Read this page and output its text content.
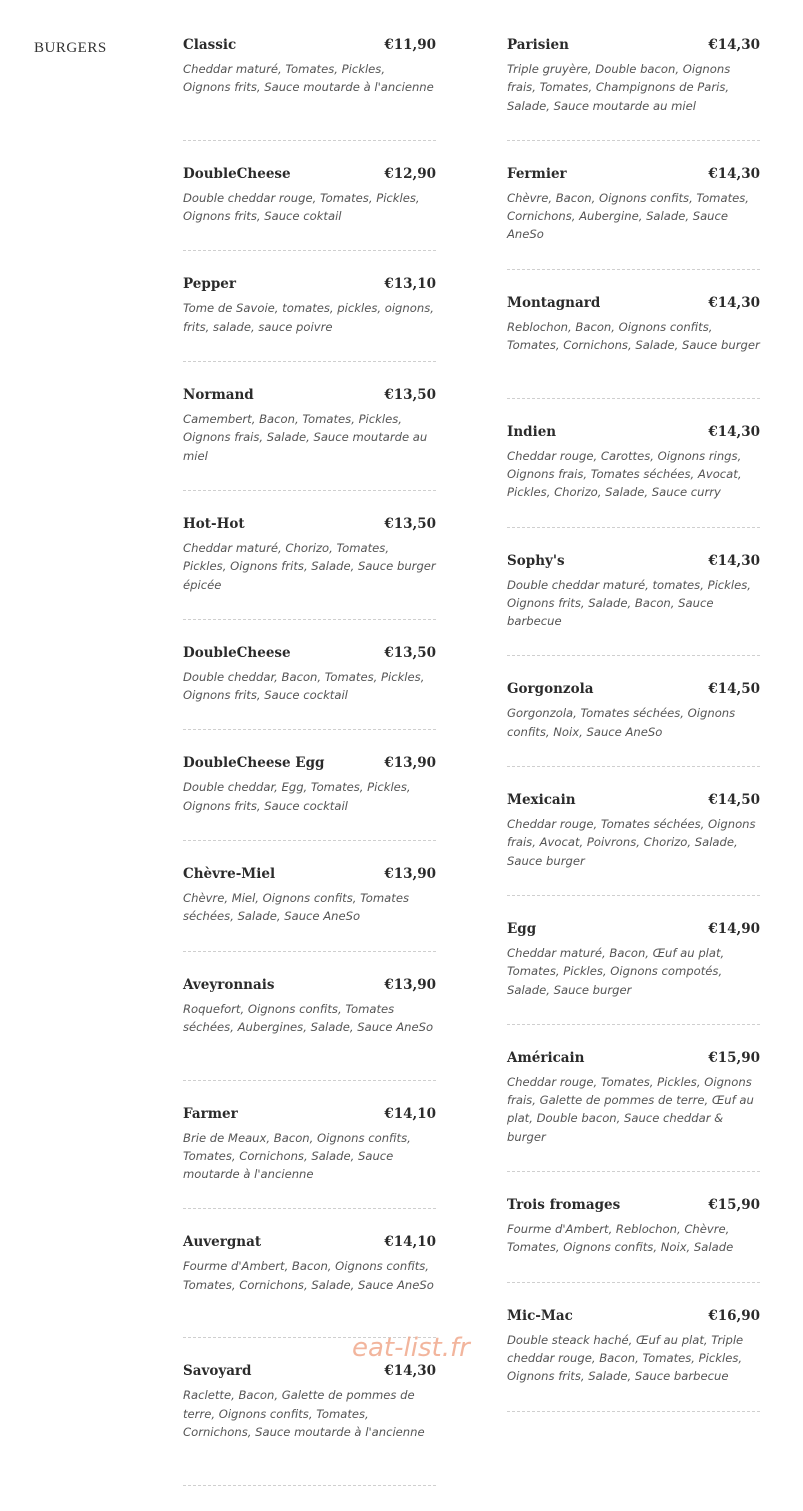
BURGERS	Classic	€11,90
Cheddar maturé, Tomates, Pickles, Oignons frits, Sauce moutarde à l'ancienne
DoubleCheese	€12,90
Double cheddar rouge, Tomates, Pickles, Oignons frits, Sauce coktail
Pepper	€13,10
Tome de Savoie, tomates, pickles, oignons, frits, salade, sauce poivre
Normand	€13,50
Camembert, Bacon, Tomates, Pickles, Oignons frais, Salade, Sauce moutarde au miel
Hot-Hot	€13,50
Cheddar maturé, Chorizo, Tomates, Pickles, Oignons frits, Salade, Sauce burger épicée
DoubleCheese	€13,50
Double cheddar, Bacon, Tomates, Pickles, Oignons frits, Sauce cocktail
DoubleCheese Egg	€13,90
Double cheddar, Egg, Tomates, Pickles, Oignons frits, Sauce cocktail
Chèvre-Miel	€13,90
Chèvre, Miel, Oignons confits, Tomates séchées, Salade, Sauce AneSo
Aveyronnais	€13,90
Roquefort, Oignons confits, Tomates séchées, Aubergines, Salade, Sauce AneSo
Farmer	€14,10
Brie de Meaux, Bacon, Oignons confits, Tomates, Cornichons, Salade, Sauce moutarde à l'ancienne
Auvergnat	€14,10
Fourme d'Ambert, Bacon, Oignons confits, Tomates, Cornichons, Salade, Sauce AneSo
Savoyard	€14,30
Raclette, Bacon, Galette de pommes de terre, Oignons confits, Tomates, Cornichons, Sauce moutarde à l'ancienne
Parisien	€14,30
Triple gruyère, Double bacon, Oignons frais, Tomates, Champignons de Paris, Salade, Sauce moutarde au miel
Fermier	€14,30
Chèvre, Bacon, Oignons confits, Tomates, Cornichons, Aubergine, Salade, Sauce AneSo
Montagnard	€14,30
Reblochon, Bacon, Oignons confits, Tomates, Cornichons, Salade, Sauce burger
Indien	€14,30
Cheddar rouge, Carottes, Oignons rings, Oignons frais, Tomates séchées, Avocat, Pickles, Chorizo, Salade, Sauce curry
Sophy's	€14,30
Double cheddar maturé, tomates, Pickles, Oignons frits, Salade, Bacon, Sauce barbecue
Gorgonzola	€14,50
Gorgonzola, Tomates séchées, Oignons confits, Noix, Sauce AneSo
Mexicain	€14,50
Cheddar rouge, Tomates séchées, Oignons frais, Avocat, Poivrons, Chorizo, Salade, Sauce burger
Egg	€14,90
Cheddar maturé, Bacon, Œuf au plat, Tomates, Pickles, Oignons compotés, Salade, Sauce burger
Américain	€15,90
Cheddar rouge, Tomates, Pickles, Oignons frais, Galette de pommes de terre, Œuf au plat, Double bacon, Sauce cheddar & burger
Trois fromages	€15,90
Fourme d'Ambert, Reblochon, Chèvre, Tomates, Oignons confits, Noix, Salade
Mic-Mac	€16,90
Double steack haché, Œuf au plat, Triple cheddar rouge, Bacon, Tomates, Pickles, Oignons frits, Salade, Sauce barbecue
eat-list.fr
